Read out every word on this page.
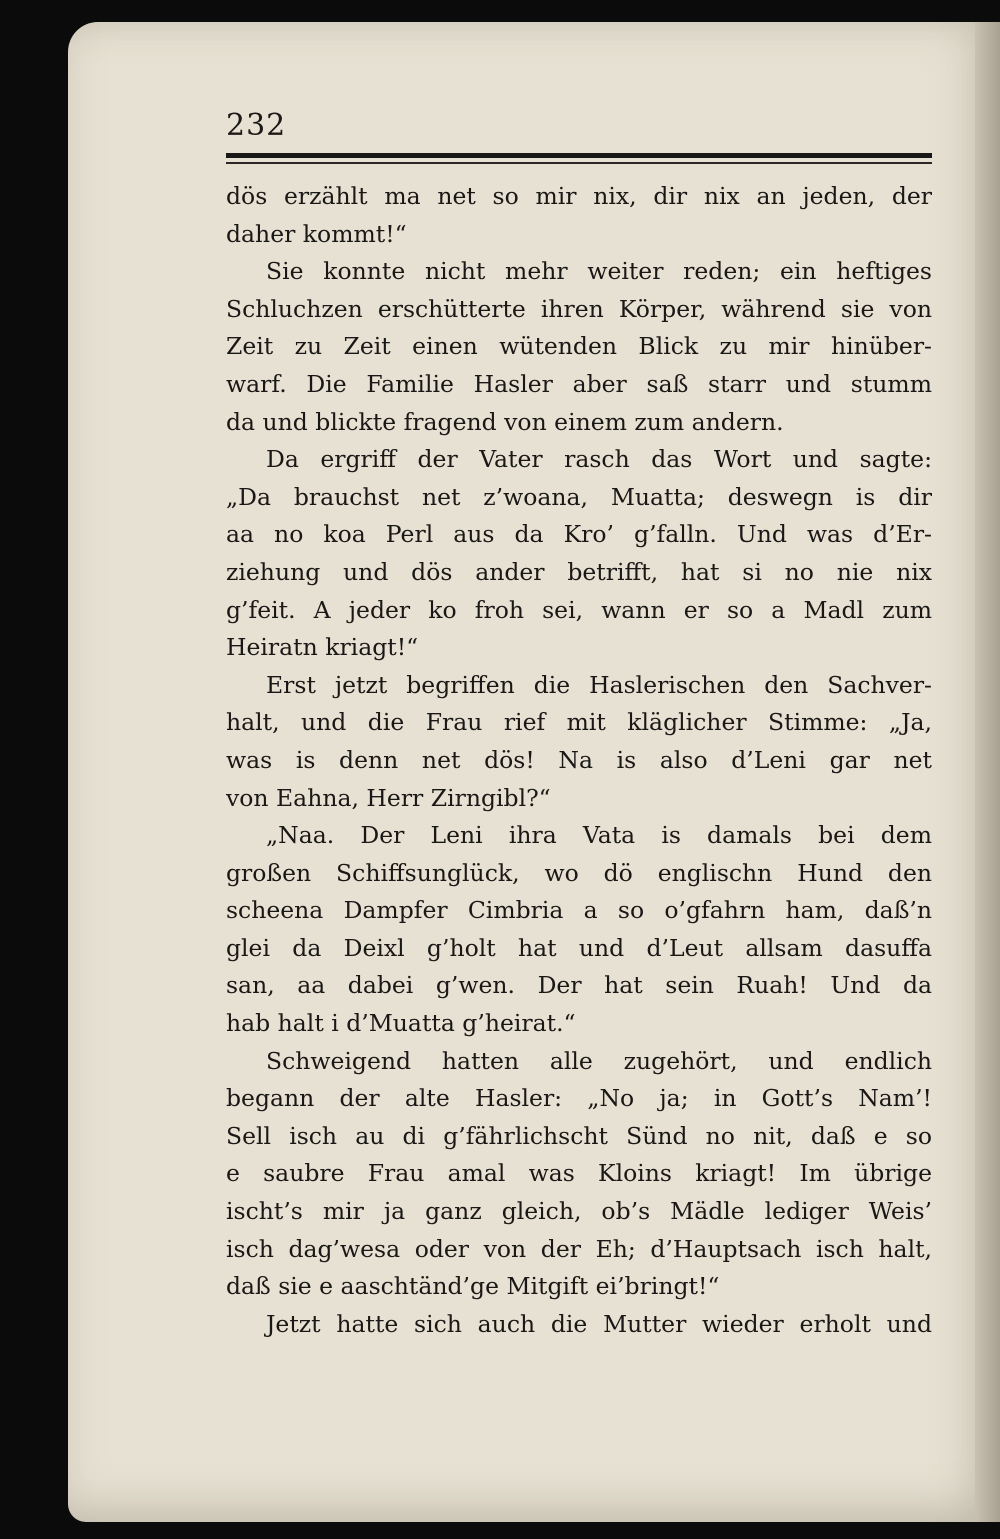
232
dös erzählt ma net so mir nix, dir nix an jeden, der
daher kommt!“
Sie konnte nicht mehr weiter reden; ein heftiges
Schluchzen erschütterte ihren Körper, während sie von
Zeit zu Zeit einen wütenden Blick zu mir hinüber-
warf. Die Familie Hasler aber saß starr und stumm
da und blickte fragend von einem zum andern.
Da ergriff der Vater rasch das Wort und sagte:
„Da brauchst net z’woana, Muatta; deswegn is dir
aa no koa Perl aus da Kro’ g’falln. Und was d’Er-
ziehung und dös ander betrifft, hat si no nie nix
g’feit. A jeder ko froh sei, wann er so a Madl zum
Heiratn kriagt!“
Erst jetzt begriffen die Haslerischen den Sachver-
halt, und die Frau rief mit kläglicher Stimme: „Ja,
was is denn net dös! Na is also d’Leni gar net
von Eahna, Herr Zirngibl?“
„Naa. Der Leni ihra Vata is damals bei dem
großen Schiffsunglück, wo dö englischn Hund den
scheena Dampfer Cimbria a so o’gfahrn ham, daß’n
glei da Deixl g’holt hat und d’Leut allsam dasuffa
san, aa dabei g’wen. Der hat sein Ruah! Und da
hab halt i d’Muatta g’heirat.“
Schweigend hatten alle zugehört, und endlich
begann der alte Hasler: „No ja; in Gott’s Nam’!
Sell isch au di g’fährlichscht Sünd no nit, daß e so
e saubre Frau amal was Kloins kriagt! Im übrige
ischt’s mir ja ganz gleich, ob’s Mädle lediger Weis’
isch dag’wesa oder von der Eh; d’Hauptsach isch halt,
daß sie e aaschtänd’ge Mitgift ei’bringt!“
Jetzt hatte sich auch die Mutter wieder erholt und
